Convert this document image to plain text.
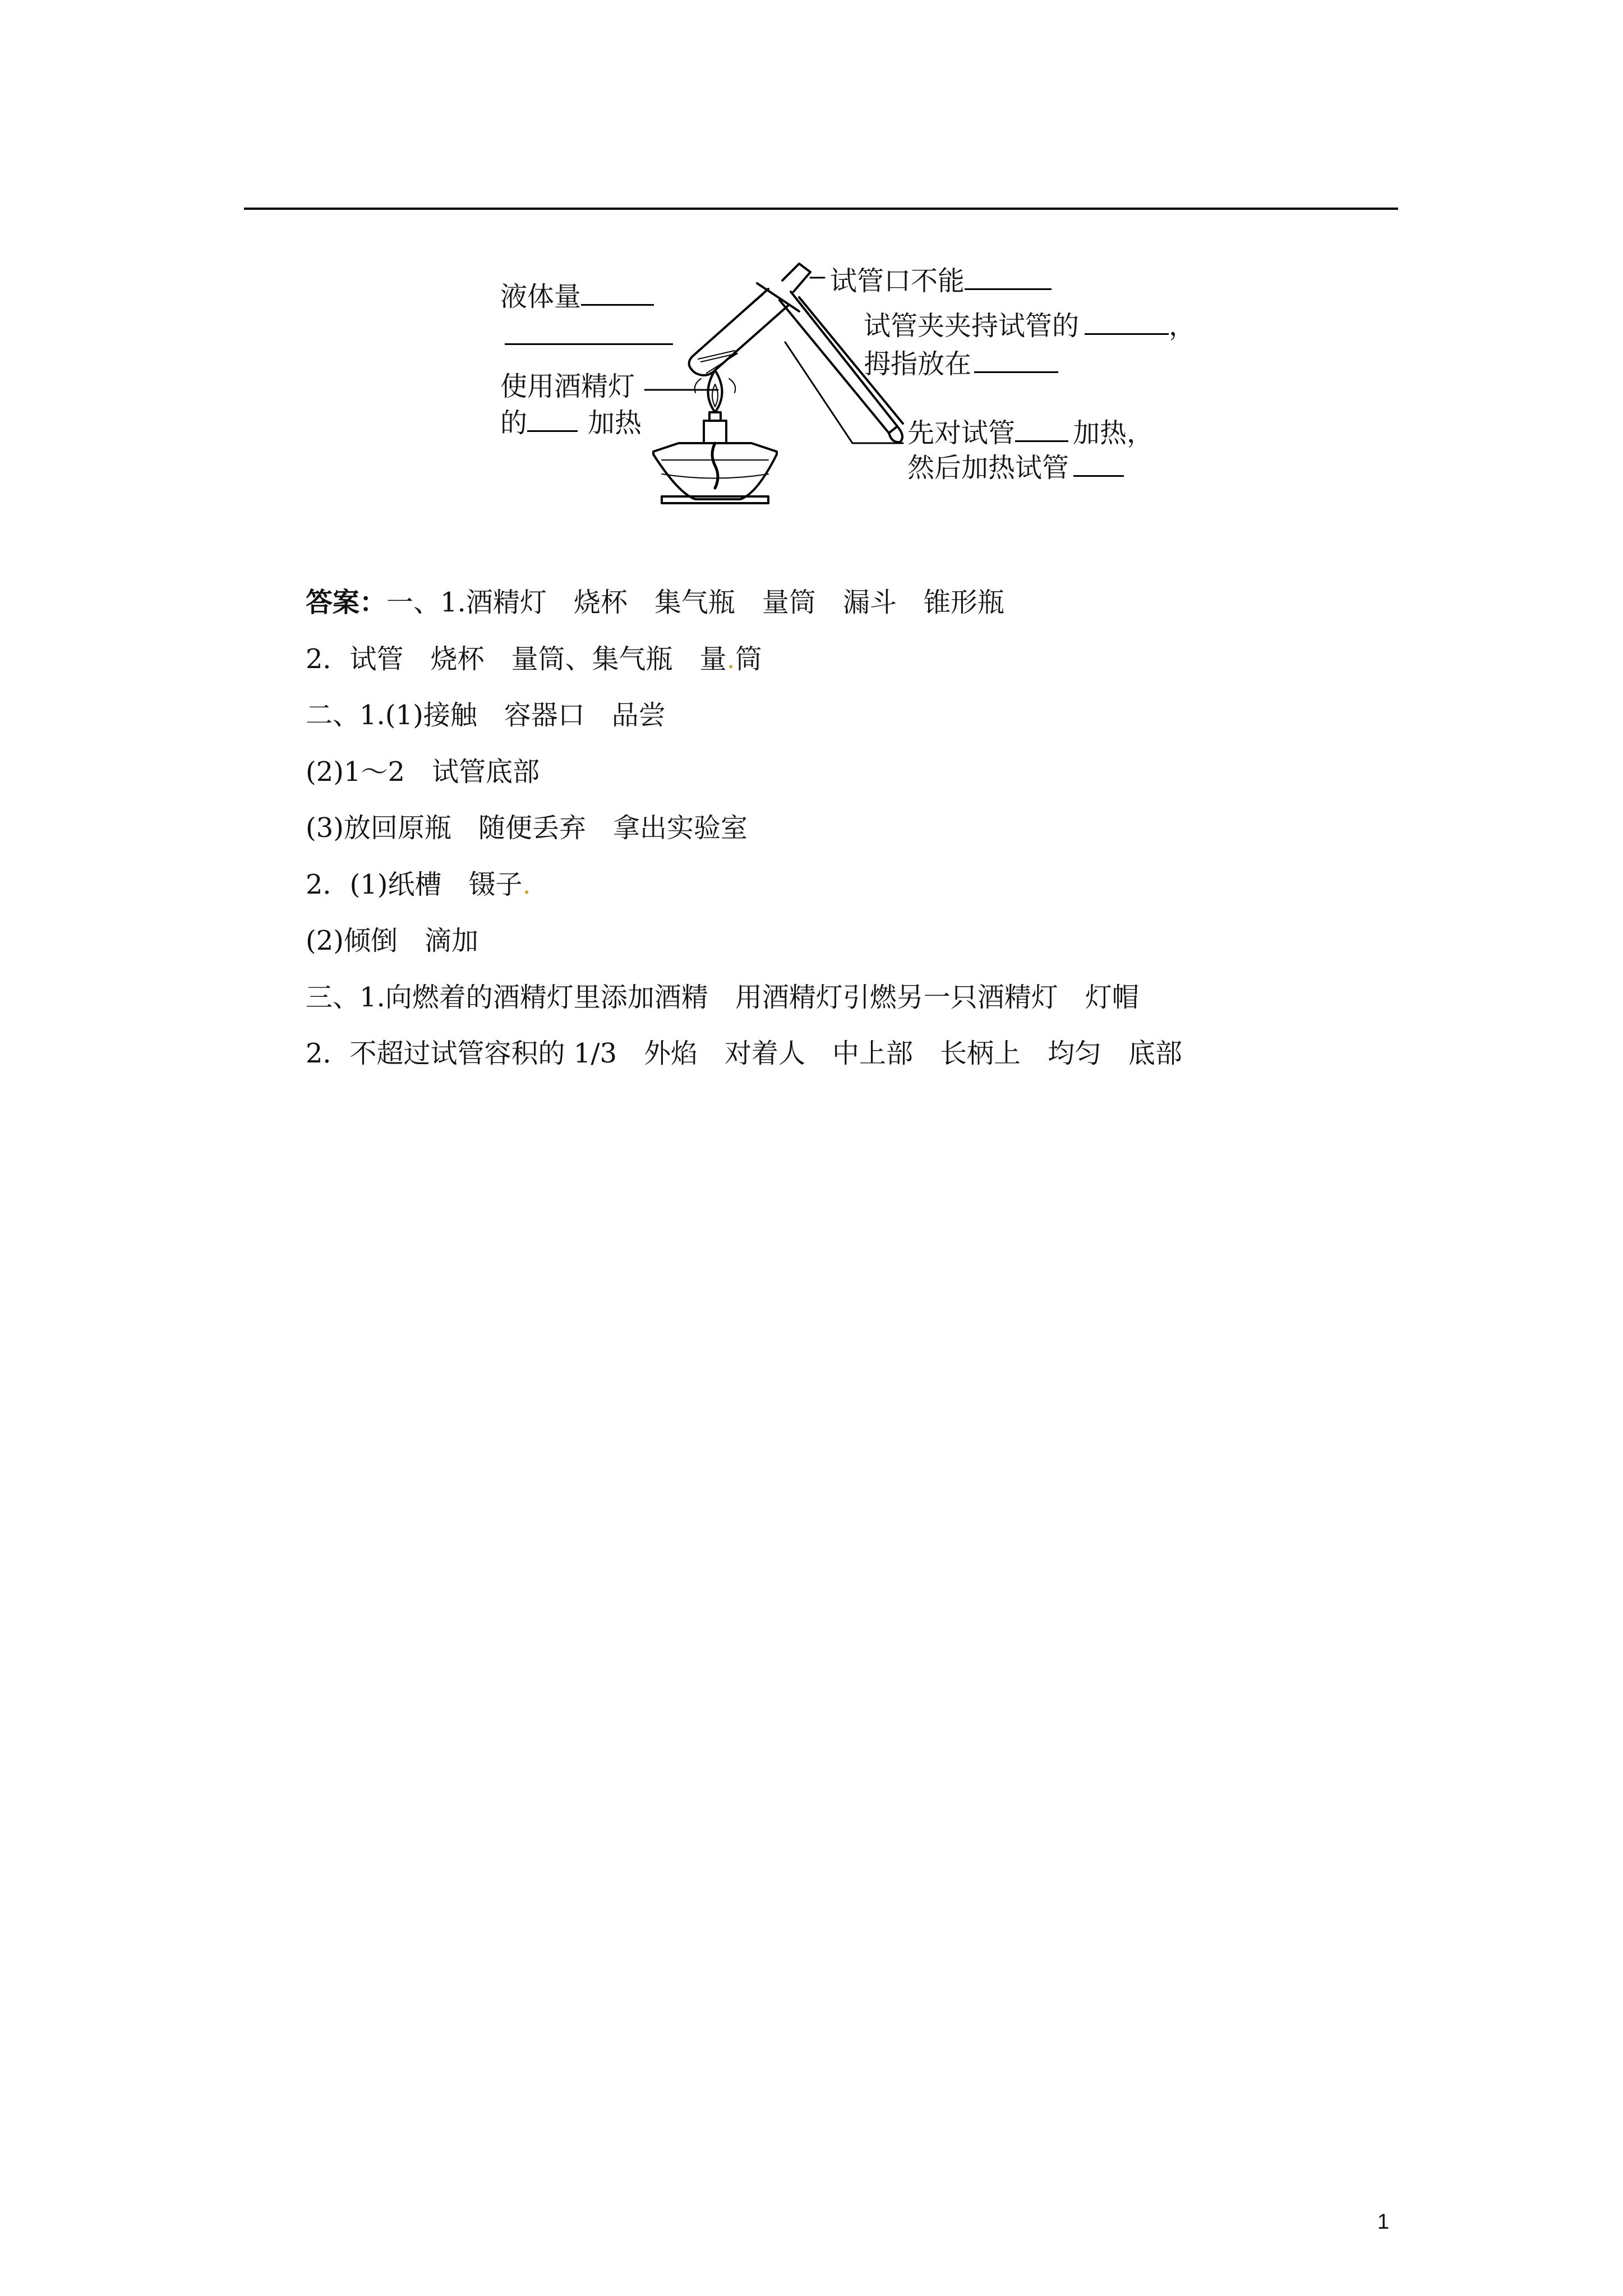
液体量
使用酒精灯
的 加热
试管口不能
试管夹夹持试管的	，
拇指放在
先对试管 加热，
然后加热试管
答案：一、1.酒精灯　烧杯　集气瓶　量筒　漏斗　锥形瓶
2．试管　烧杯　量筒、集气瓶　量.筒
二、1.(1)接触　容器口　品尝
(2)1～2　试管底部
(3)放回原瓶　随便丢弃　拿出实验室
2．(1)纸槽　镊子.
(2)倾倒　滴加
三、1.向燃着的酒精灯里添加酒精　用酒精灯引燃另一只酒精灯　灯帽
2．不超过试管容积的 1/3　外焰　对着人　中上部　长柄上　均匀　底部
1
